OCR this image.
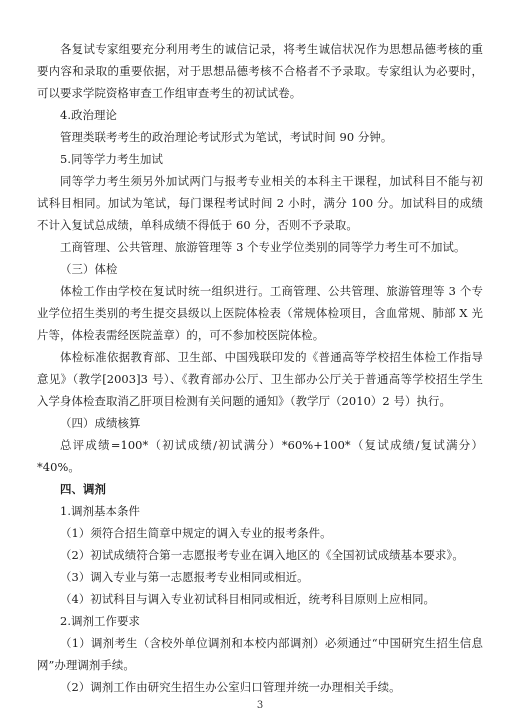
各复试专家组要充分利用考生的诚信记录，将考生诚信状况作为思想品德考核的重要内容和录取的重要依据，对于思想品德考核不合格者不予录取。专家组认为必要时，可以要求学院资格审查工作组审查考生的初试试卷。

4.政治理论

管理类联考考生的政治理论考试形式为笔试，考试时间 90 分钟。

5.同等学力考生加试

同等学力考生须另外加试两门与报考专业相关的本科主干课程，加试科目不能与初试科目相同。加试为笔试，每门课程考试时间 2 小时，满分 100 分。加试科目的成绩不计入复试总成绩，单科成绩不得低于 60 分，否则不予录取。

工商管理、公共管理、旅游管理等 3 个专业学位类别的同等学力考生可不加试。

（三）体检

体检工作由学校在复试时统一组织进行。工商管理、公共管理、旅游管理等 3 个专业学位招生类别的考生提交县级以上医院体检表（常规体检项目，含血常规、肺部 X 光片等，体检表需经医院盖章）的，可不参加校医院体检。

体检标准依据教育部、卫生部、中国残联印发的《普通高等学校招生体检工作指导意见》（教学[2003]3 号）、《教育部办公厅、卫生部办公厅关于普通高等学校招生学生入学身体检查取消乙肝项目检测有关问题的通知》（教学厅（2010）2 号）执行。

（四）成绩核算

总评成绩=100*（初试成绩/初试满分）*60%+100*（复试成绩/复试满分）*40%。

四、调剂

1.调剂基本条件

（1）须符合招生简章中规定的调入专业的报考条件。

（2）初试成绩符合第一志愿报考专业在调入地区的《全国初试成绩基本要求》。

（3）调入专业与第一志愿报考专业相同或相近。

（4）初试科目与调入专业初试科目相同或相近，统考科目原则上应相同。

2.调剂工作要求

（1）调剂考生（含校外单位调剂和本校内部调剂）必须通过“中国研究生招生信息网”办理调剂手续。

（2）调剂工作由研究生招生办公室归口管理并统一办理相关手续。

3
